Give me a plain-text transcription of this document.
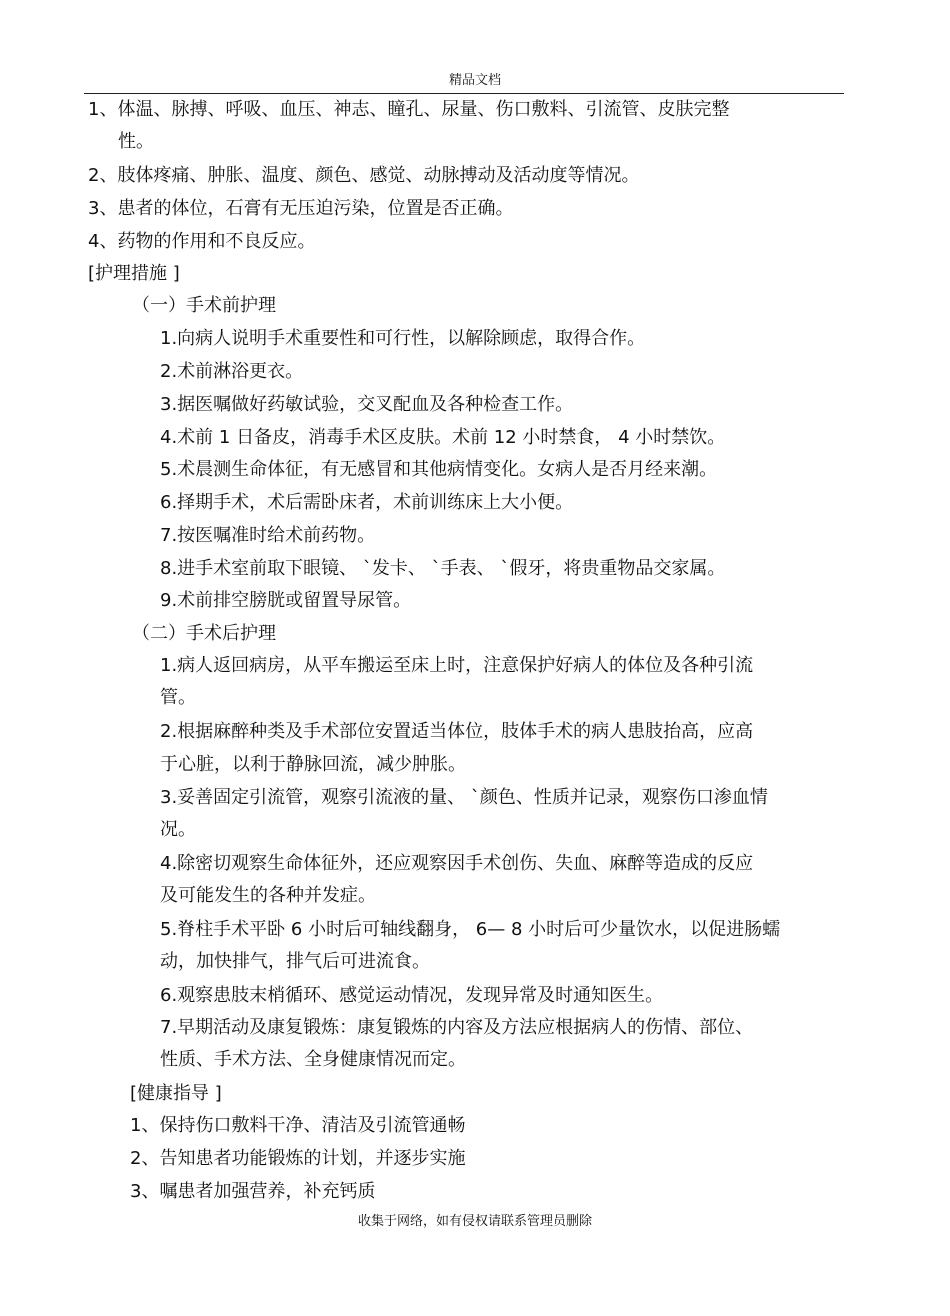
精品文档
1、体温、脉搏、呼吸、血压、神志、瞳孔、尿量、伤口敷料、引流管、皮肤完整
性。
2、肢体疼痛、肿胀、温度、颜色、感觉、动脉搏动及活动度等情况。
3、患者的体位，石膏有无压迫污染，位置是否正确。
4、药物的作用和不良反应。
[护理措施 ]
（一）手术前护理
1.向病人说明手术重要性和可行性，以解除顾虑，取得合作。
2.术前淋浴更衣。
3.据医嘱做好药敏试验，交叉配血及各种检查工作。
4.术前 1 日备皮，消毒手术区皮肤。术前 12 小时禁食， 4 小时禁饮。
5.术晨测生命体征，有无感冒和其他病情变化。女病人是否月经来潮。
6.择期手术，术后需卧床者，术前训练床上大小便。
7.按医嘱准时给术前药物。
8.进手术室前取下眼镜、 `发卡、 `手表、 `假牙，将贵重物品交家属。
9.术前排空膀胱或留置导尿管。
（二）手术后护理
1.病人返回病房，从平车搬运至床上时，注意保护好病人的体位及各种引流
管。
2.根据麻醉种类及手术部位安置适当体位，肢体手术的病人患肢抬高，应高
于心脏，以利于静脉回流，减少肿胀。
3.妥善固定引流管，观察引流液的量、 `颜色、性质并记录，观察伤口渗血情
况。
4.除密切观察生命体征外，还应观察因手术创伤、失血、麻醉等造成的反应
及可能发生的各种并发症。
5.脊柱手术平卧 6 小时后可轴线翻身， 6— 8 小时后可少量饮水，以促进肠蠕
动，加快排气，排气后可进流食。
6.观察患肢末梢循环、感觉运动情况，发现异常及时通知医生。
7.早期活动及康复锻炼：康复锻炼的内容及方法应根据病人的伤情、部位、
性质、手术方法、全身健康情况而定。
[健康指导 ]
1、保持伤口敷料干净、清洁及引流管通畅
2、告知患者功能锻炼的计划，并逐步实施
3、嘱患者加强营养，补充钙质
收集于网络，如有侵权请联系管理员删除
